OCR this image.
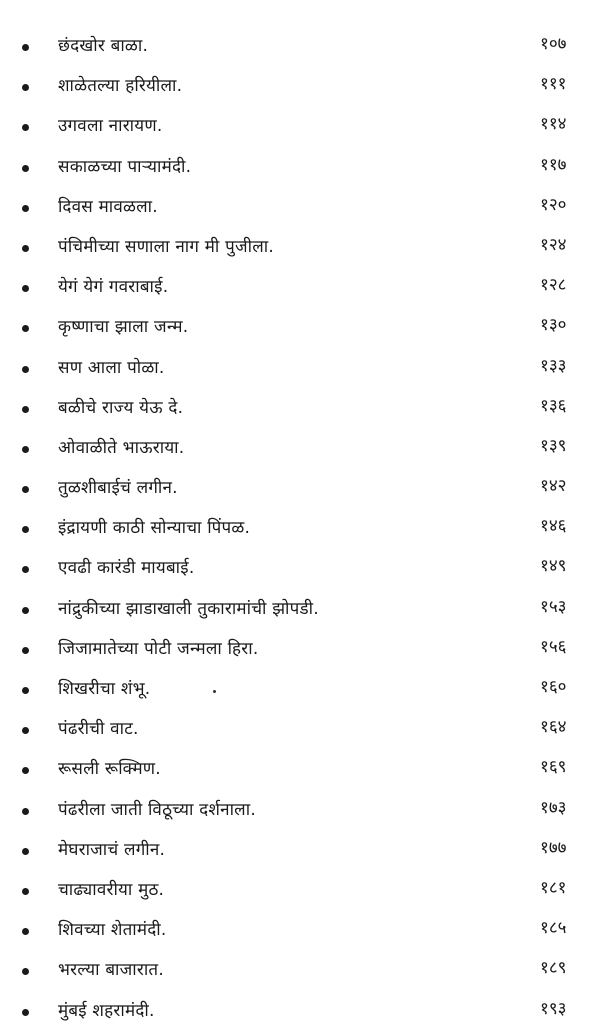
छंदखोर बाळा.	१०७
शाळेतल्या हरियीला.	१११
उगवला नारायण.	११४
सकाळच्या पाऱ्यामंदी.	११७
दिवस मावळला.	१२०
पंचिमीच्या सणाला नाग मी पुजीला.	१२४
येगं येगं गवराबाई.	१२८
कृष्णाचा झाला जन्म.	१३०
सण आला पोळा.	१३३
बळीचे राज्य येऊ दे.	१३६
ओवाळीते भाऊराया.	१३९
तुळशीबाईचं लगीन.	१४२
इंद्रायणी काठी सोन्याचा पिंपळ.	१४६
एवढी कारंडी मायबाई.	१४९
नांद्रुकीच्या झाडाखाली तुकारामांची झोपडी.	१५३
जिजामातेच्या पोटी जन्मला हिरा.	१५६
शिखरीचा शंभू.	१६०
पंढरीची वाट.	१६४
रूसली रूक्मिण.	१६९
पंढरीला जाती विठूच्या दर्शनाला.	१७३
मेघराजाचं लगीन.	१७७
चाढ्यावरीया मुठ.	१८१
शिवच्या शेतामंदी.	१८५
भरल्या बाजारात.	१८९
मुंबई शहरामंदी.	१९३
